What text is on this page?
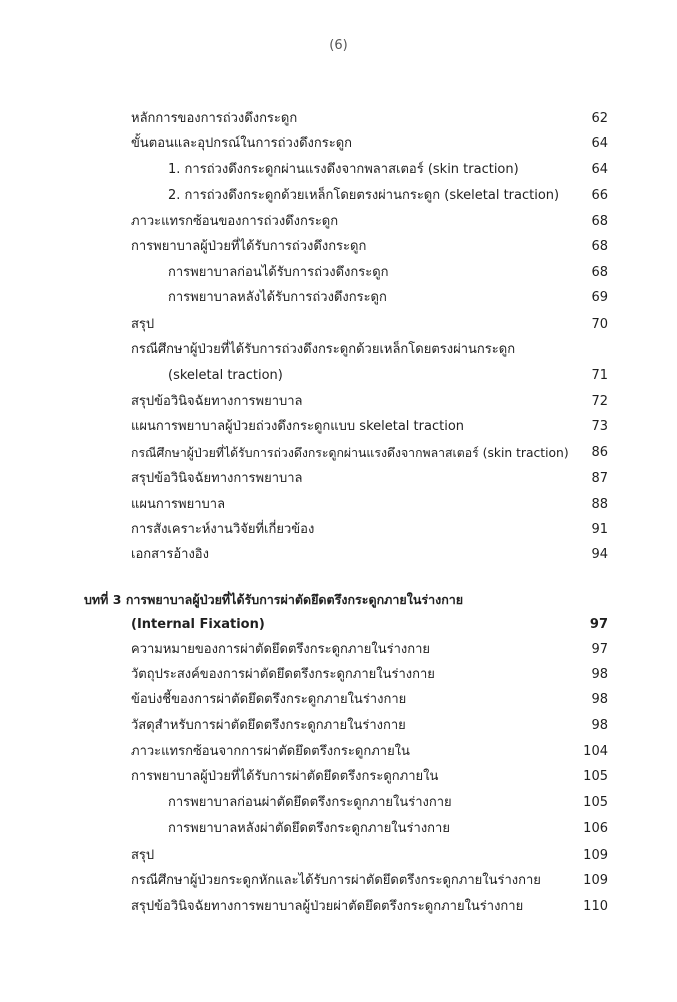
(6)
หลักการของการถ่วงดึงกระดูก	62
ขั้นตอนและอุปกรณ์ในการถ่วงดึงกระดูก	64
1. การถ่วงดึงกระดูกผ่านแรงดึงจากพลาสเตอร์ (skin traction)	64
2. การถ่วงดึงกระดูกด้วยเหล็กโดยตรงผ่านกระดูก (skeletal traction) 66
ภาวะแทรกซ้อนของการถ่วงดึงกระดูก	68
การพยาบาลผู้ป่วยที่ได้รับการถ่วงดึงกระดูก	68
การพยาบาลก่อนได้รับการถ่วงดึงกระดูก	68
การพยาบาลหลังได้รับการถ่วงดึงกระดูก	69
สรุป	70
กรณีศึกษาผู้ป่วยที่ได้รับการถ่วงดึงกระดูกด้วยเหล็กโดยตรงผ่านกระดูก
(skeletal traction)	71
สรุปข้อวินิจฉัยทางการพยาบาล	72
แผนการพยาบาลผู้ป่วยถ่วงดึงกระดูกแบบ skeletal traction	73
กรณีศึกษาผู้ป่วยที่ได้รับการถ่วงดึงกระดูกผ่านแรงดึงจากพลาสเตอร์ (skin traction) 86
สรุปข้อวินิจฉัยทางการพยาบาล	87
แผนการพยาบาล	88
การสังเคราะห์งานวิจัยที่เกี่ยวข้อง	91
เอกสารอ้างอิง	94
บทที่ 3 การพยาบาลผู้ป่วยที่ได้รับการผ่าตัดยึดตรึงกระดูกภายในร่างกาย
(Internal Fixation)	97
ความหมายของการผ่าตัดยึดตรึงกระดูกภายในร่างกาย	97
วัตถุประสงค์ของการผ่าตัดยึดตรึงกระดูกภายในร่างกาย	98
ข้อบ่งชี้ของการผ่าตัดยึดตรึงกระดูกภายในร่างกาย	98
วัสดุสำหรับการผ่าตัดยึดตรึงกระดูกภายในร่างกาย	98
ภาวะแทรกซ้อนจากการผ่าตัดยึดตรึงกระดูกภายใน	104
การพยาบาลผู้ป่วยที่ได้รับการผ่าตัดยึดตรึงกระดูกภายใน	105
การพยาบาลก่อนผ่าตัดยึดตรึงกระดูกภายในร่างกาย	105
การพยาบาลหลังผ่าตัดยึดตรึงกระดูกภายในร่างกาย	106
สรุป	109
กรณีศึกษาผู้ป่วยกระดูกหักและได้รับการผ่าตัดยึดตรึงกระดูกภายในร่างกาย	109
สรุปข้อวินิจฉัยทางการพยาบาลผู้ป่วยผ่าตัดยึดตรึงกระดูกภายในร่างกาย	110
